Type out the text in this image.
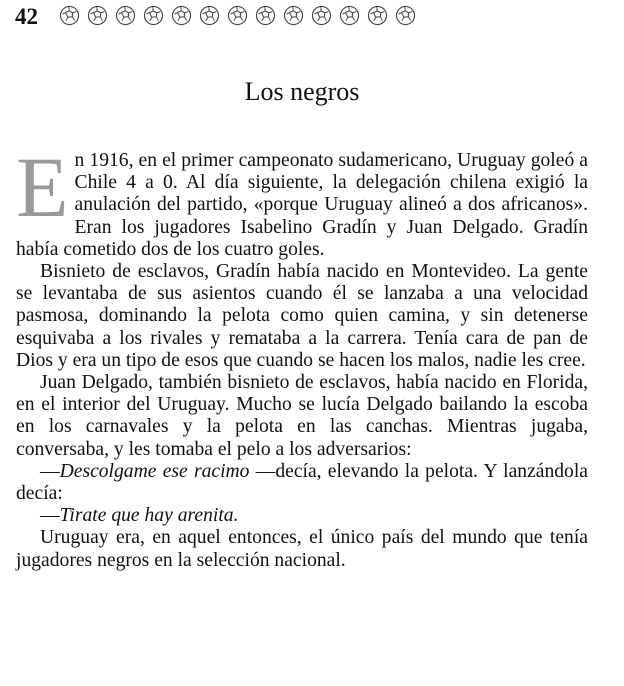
42
Los negros

En 1916, en el primer campeonato sudamericano, Uruguay goleó a Chile 4 a 0. Al día siguiente, la delegación chilena exigió la anulación del partido, «porque Uruguay alineó a dos africanos». Eran los jugadores Isabelino Gradín y Juan Delgado. Gradín había cometido dos de los cuatro goles.

Bisnieto de esclavos, Gradín había nacido en Montevideo. La gente se levantaba de sus asientos cuando él se lanzaba a una velocidad pasmosa, dominando la pelota como quien camina, y sin detenerse esquivaba a los rivales y remataba a la carrera. Tenía cara de pan de Dios y era un tipo de esos que cuando se hacen los malos, nadie les cree.

Juan Delgado, también bisnieto de esclavos, había nacido en Florida, en el interior del Uruguay. Mucho se lucía Delgado bailando la escoba en los carnavales y la pelota en las canchas. Mientras jugaba, conversaba, y les tomaba el pelo a los adversarios:

—Descolgame ese racimo —decía, elevando la pelota. Y lanzándola decía:

—Tirate que hay arenita.

Uruguay era, en aquel entonces, el único país del mundo que tenía jugadores negros en la selección nacional.
